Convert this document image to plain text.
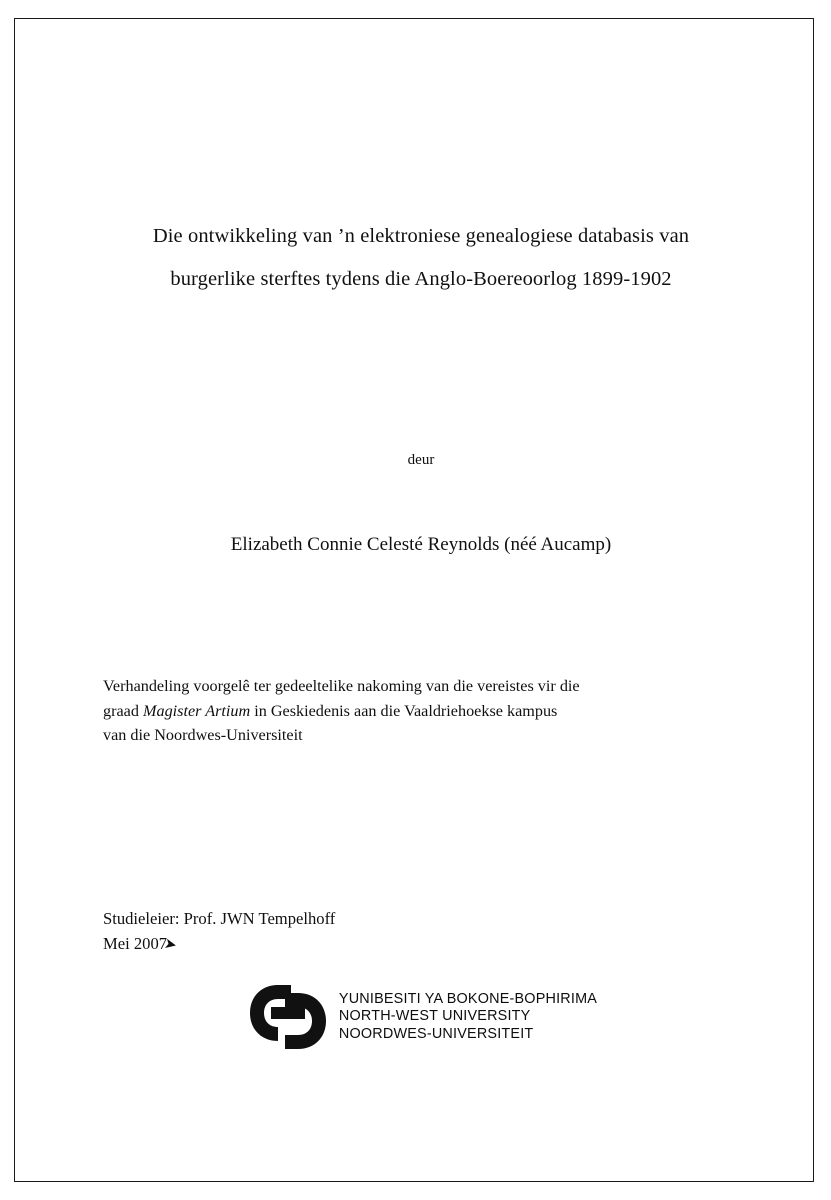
Die ontwikkeling van ’n elektroniese genealogiese databasis van
burgerlike sterftes tydens die Anglo-Boereoorlog 1899-1902
deur
Elizabeth Connie Celesté Reynolds (néé Aucamp)
Verhandeling voorgelê ter gedeeltelike nakoming van die vereistes vir die
graad Magister Artium in Geskiedenis aan die Vaaldriehoekse kampus
van die Noordwes-Universiteit
Studieleier: Prof. JWN Tempelhoff
Mei 2007
➤
YUNIBESITI YA BOKONE-BOPHIRIMA
NORTH-WEST UNIVERSITY
NOORDWES-UNIVERSITEIT
